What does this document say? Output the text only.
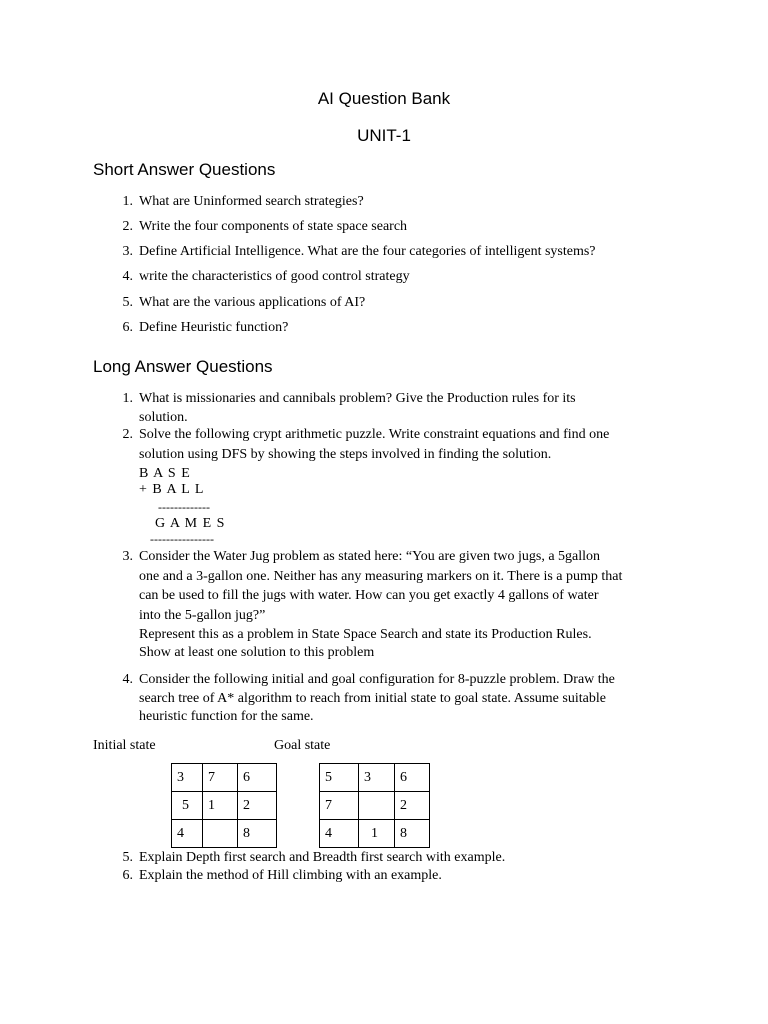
AI Question Bank
UNIT-1
Short Answer Questions
1. What are Uninformed search strategies?
2. Write the four components of state space search
3. Define Artificial Intelligence. What are the four categories of intelligent systems?
4. write the characteristics of good control strategy
5. What are the various applications of AI?
6. Define Heuristic function?
Long Answer Questions
1. What is missionaries and cannibals problem? Give the Production rules for its
solution.
2. Solve the following crypt arithmetic puzzle. Write constraint equations and find one
solution using DFS by showing the steps involved in finding the solution.
B A S E
+ B A L L
-------------
G A M E S
----------------
3. Consider the Water Jug problem as stated here: “You are given two jugs, a 5gallon
one and a 3-gallon one. Neither has any measuring markers on it. There is a pump that
can be used to fill the jugs with water. How can you get exactly 4 gallons of water
into the 5-gallon jug?”
Represent this as a problem in State Space Search and state its Production Rules.
Show at least one solution to this problem
4. Consider the following initial and goal configuration for 8-puzzle problem. Draw the
search tree of A* algorithm to reach from initial state to goal state. Assume suitable
heuristic function for the same.
Initial state	Goal state
3	7	6
5	1	2
4		8
5	3	6
7		2
4	1	8
5. Explain Depth first search and Breadth first search with example.
6. Explain the method of Hill climbing with an example.
